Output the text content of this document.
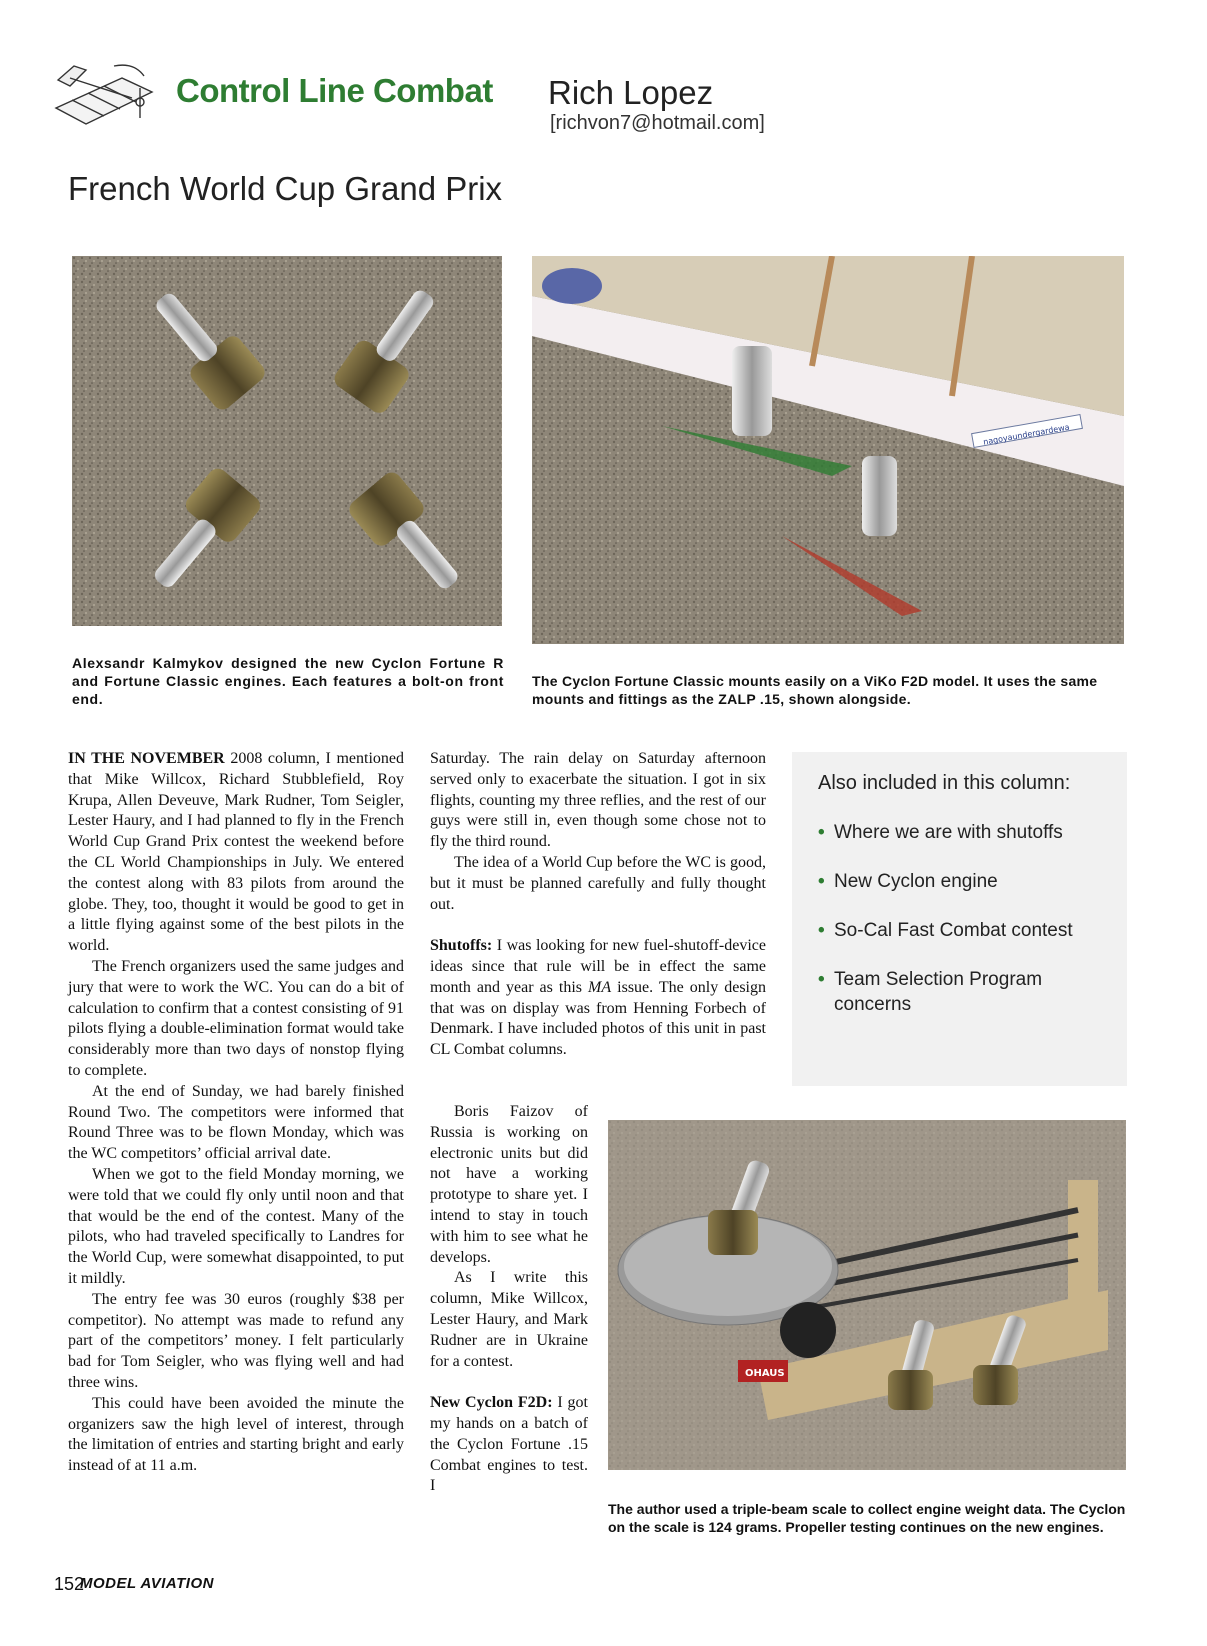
Control Line Combat Rich Lopez
[richvon7@hotmail.com]
French World Cup Grand Prix
nagoyaundergardewa
Alexsandr Kalmykov designed the new Cyclon Fortune R and Fortune Classic engines. Each features a bolt-on front end.
The Cyclon Fortune Classic mounts easily on a ViKo F2D model. It uses the same mounts and fittings as the ZALP .15, shown alongside.

IN THE NOVEMBER 2008 column, I mentioned that Mike Willcox, Richard Stubblefield, Roy Krupa, Allen Deveuve, Mark Rudner, Tom Seigler, Lester Haury, and I had planned to fly in the French World Cup Grand Prix contest the weekend before the CL World Championships in July. We entered the contest along with 83 pilots from around the globe. They, too, thought it would be good to get in a little flying against some of the best pilots in the world.

The French organizers used the same judges and jury that were to work the WC. You can do a bit of calculation to confirm that a contest consisting of 91 pilots flying a double-elimination format would take considerably more than two days of nonstop flying to complete.

At the end of Sunday, we had barely finished Round Two. The competitors were informed that Round Three was to be flown Monday, which was the WC competitors’ official arrival date.

When we got to the field Monday morning, we were told that we could fly only until noon and that that would be the end of the contest. Many of the pilots, who had traveled specifically to Landres for the World Cup, were somewhat disappointed, to put it mildly.

The entry fee was 30 euros (roughly $38 per competitor). No attempt was made to refund any part of the competitors’ money. I felt particularly bad for Tom Seigler, who was flying well and had three wins.

This could have been avoided the minute the organizers saw the high level of interest, through the limitation of entries and starting bright and early instead of at 11 a.m.

Saturday. The rain delay on Saturday afternoon served only to exacerbate the situation. I got in six flights, counting my three reflies, and the rest of our guys were still in, even though some chose not to fly the third round.

The idea of a World Cup before the WC is good, but it must be planned carefully and fully thought out.

Shutoffs: I was looking for new fuel-shutoff-device ideas since that rule will be in effect the same month and year as this MA issue. The only design that was on display was from Henning Forbech of Denmark. I have included photos of this unit in past CL Combat columns.

Boris Faizov of Russia is working on electronic units but did not have a working prototype to share yet. I intend to stay in touch with him to see what he develops.

As I write this column, Mike Willcox, Lester Haury, and Mark Rudner are in Ukraine for a contest.

New Cyclon F2D: I got my hands on a batch of the Cyclon Fortune .15 Combat engines to test. I

Also included in this column:
• Where we are with shutoffs
• New Cyclon engine
• So-Cal Fast Combat contest
• Team Selection Program concerns
OHAUS
The author used a triple-beam scale to collect engine weight data. The Cyclon on the scale is 124 grams. Propeller testing continues on the new engines.
152
MODEL AVIATION
